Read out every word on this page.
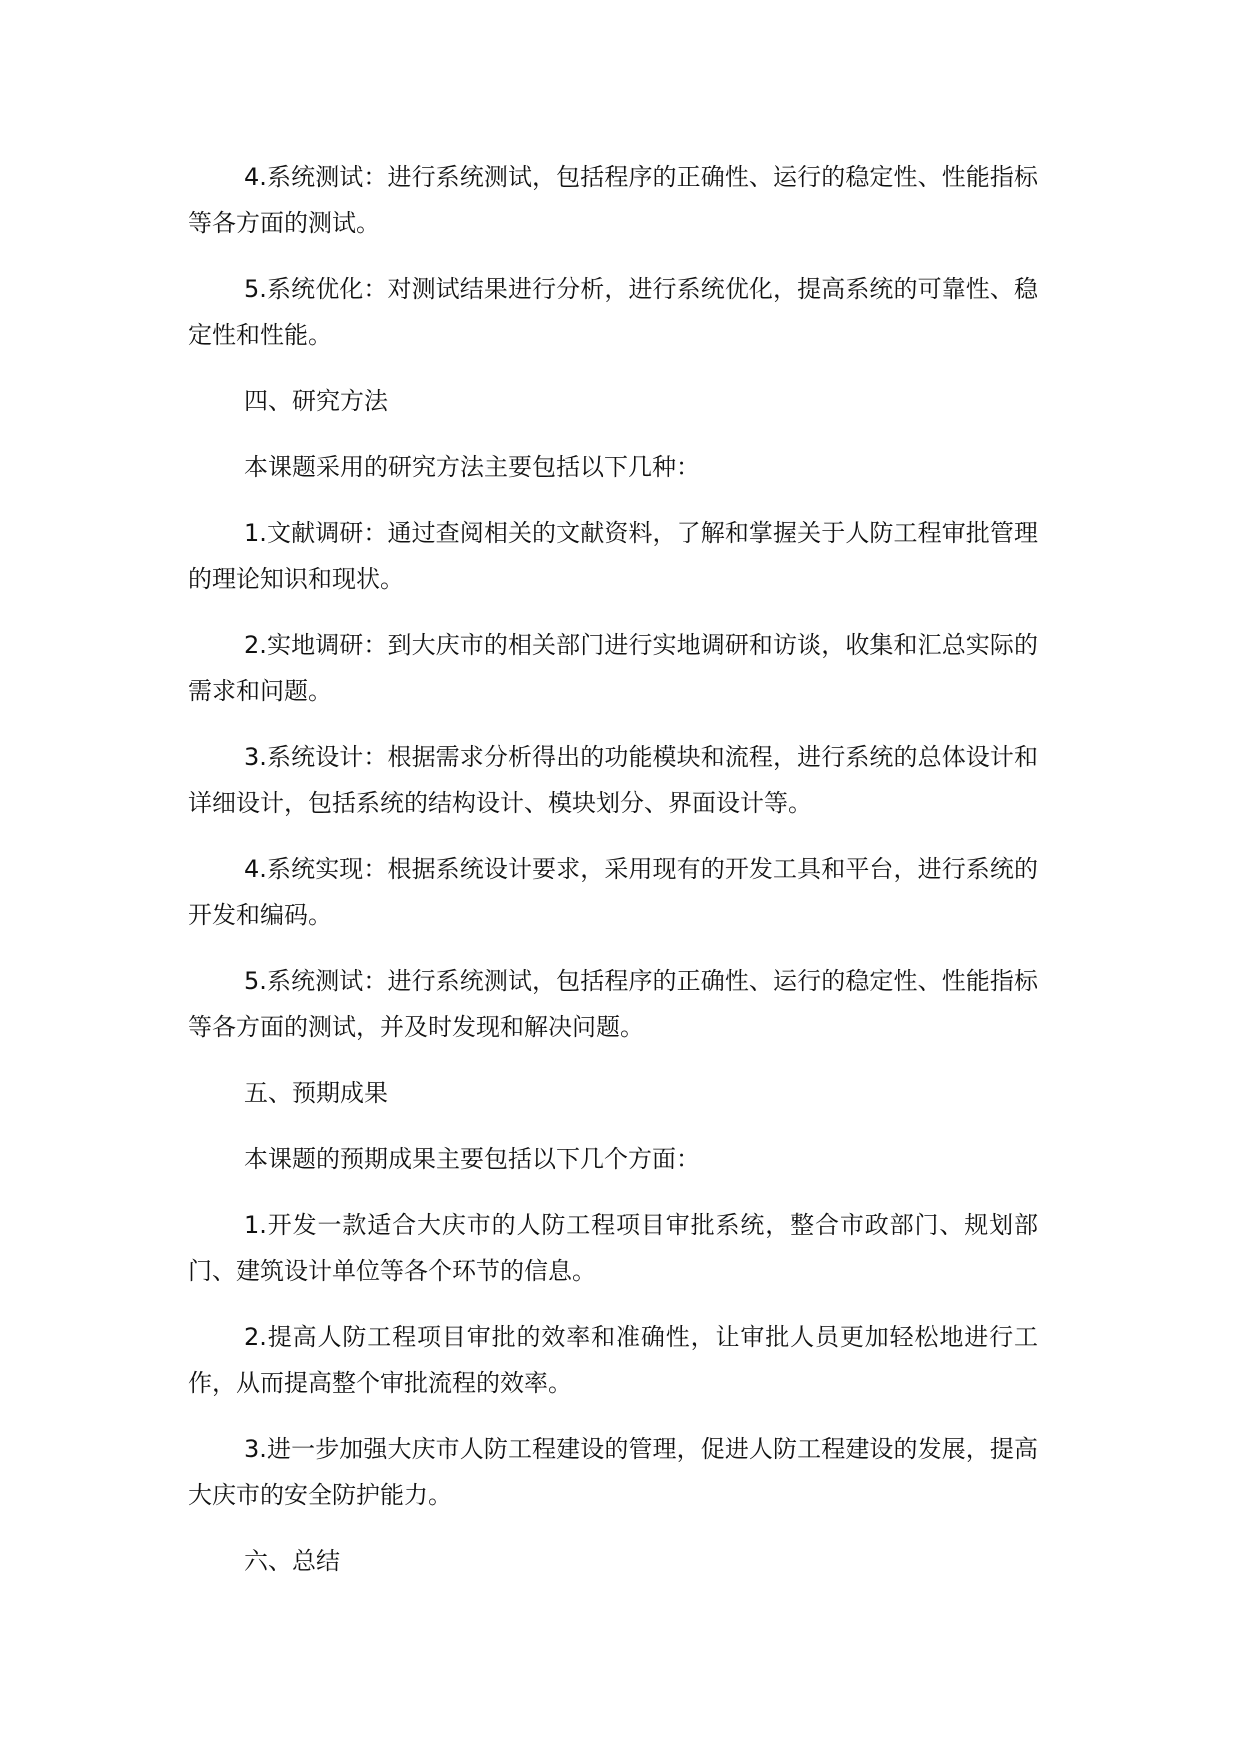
4.系统测试：进行系统测试，包括程序的正确性、运行的稳定性、性能指标等各方面的测试。

5.系统优化：对测试结果进行分析，进行系统优化，提高系统的可靠性、稳定性和性能。

四、研究方法

本课题采用的研究方法主要包括以下几种：

1.文献调研：通过查阅相关的文献资料，了解和掌握关于人防工程审批管理的理论知识和现状。

2.实地调研：到大庆市的相关部门进行实地调研和访谈，收集和汇总实际的需求和问题。

3.系统设计：根据需求分析得出的功能模块和流程，进行系统的总体设计和详细设计，包括系统的结构设计、模块划分、界面设计等。

4.系统实现：根据系统设计要求，采用现有的开发工具和平台，进行系统的开发和编码。

5.系统测试：进行系统测试，包括程序的正确性、运行的稳定性、性能指标等各方面的测试，并及时发现和解决问题。

五、预期成果

本课题的预期成果主要包括以下几个方面：

1.开发一款适合大庆市的人防工程项目审批系统，整合市政部门、规划部门、建筑设计单位等各个环节的信息。

2.提高人防工程项目审批的效率和准确性，让审批人员更加轻松地进行工作，从而提高整个审批流程的效率。

3.进一步加强大庆市人防工程建设的管理，促进人防工程建设的发展，提高大庆市的安全防护能力。

六、总结
